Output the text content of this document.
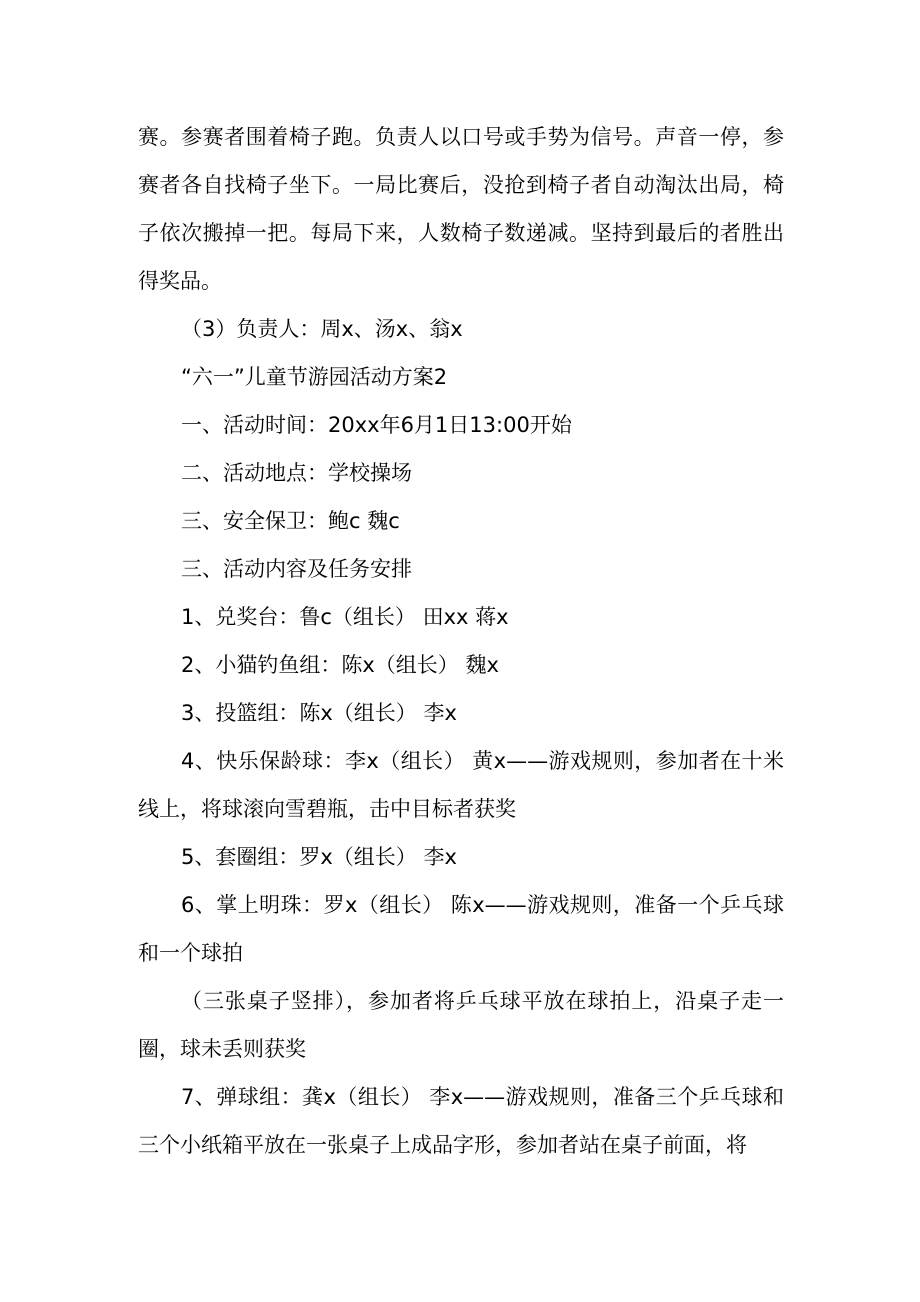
赛。参赛者围着椅子跑。负责人以口号或手势为信号。声音一停，参赛者各自找椅子坐下。一局比赛后，没抢到椅子者自动淘汰出局，椅子依次搬掉一把。每局下来，人数椅子数递减。坚持到最后的者胜出得奖品。

（3）负责人：周x、汤x、翁x

“六一”儿童节游园活动方案2

一、活动时间：20xx年6月1日13:00开始

二、活动地点：学校操场

三、安全保卫：鲍c 魏c

三、活动内容及任务安排

1、兑奖台：鲁c（组长） 田xx 蒋x

2、小猫钓鱼组：陈x（组长） 魏x

3、投篮组：陈x（组长） 李x

4、快乐保龄球：李x（组长） 黄x——游戏规则，参加者在十米线上，将球滚向雪碧瓶，击中目标者获奖

5、套圈组：罗x（组长） 李x

6、掌上明珠：罗x（组长） 陈x——游戏规则，准备一个乒乓球和一个球拍

（三张桌子竖排），参加者将乒乓球平放在球拍上，沿桌子走一圈，球未丢则获奖

7、弹球组：龚x（组长） 李x——游戏规则，准备三个乒乓球和三个小纸箱平放在一张桌子上成品字形，参加者站在桌子前面，将
